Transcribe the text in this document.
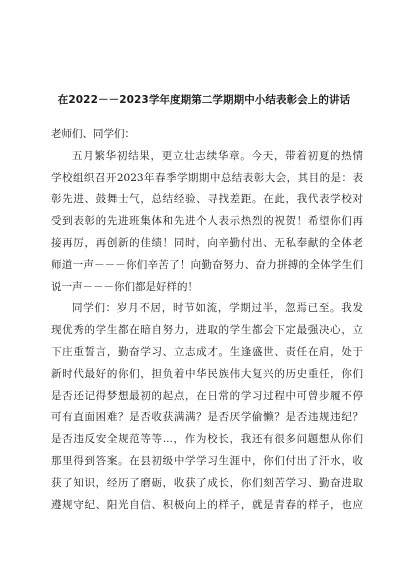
在2022－－2023学年度期第二学期期中小结表彰会上的讲话
老师们、同学们：
五月繁华初结果，更立壮志续华章。今天，带着初夏的热情
学校组织召开2023年春季学期期中总结表彰大会，其目的是：表
彰先进、鼓舞士气，总结经验、寻找差距。在此，我代表学校对
受到表彰的先进班集体和先进个人表示热烈的祝贺！希望你们再
接再厉，再创新的佳绩！同时，向辛勤付出、无私奉献的全体老
师道一声－－－你们辛苦了！向勤奋努力、奋力拼搏的全体学生们
说一声－－－你们都是好样的！
同学们：岁月不居，时节如流，学期过半，忽焉已至。我发
现优秀的学生都在暗自努力，进取的学生都会下定最强决心，立
下庄重誓言，勤奋学习、立志成才。生逢盛世、责任在肩，处于
新时代最好的你们，担负着中华民族伟大复兴的历史重任，你们
是否还记得梦想最初的起点，在日常的学习过程中可曾步履不停
可有直面困难？是否收获满满？是否厌学偷懒？是否违规违纪？
是否违反安全规范等等...，作为校长，我还有很多问题想从你们
那里得到答案。在县初级中学学习生涯中，你们付出了汗水，收
获了知识，经历了磨砺，收获了成长，你们刻苦学习、勤奋进取
遵规守纪、阳光自信、积极向上的样子，就是青春的样子，也应
